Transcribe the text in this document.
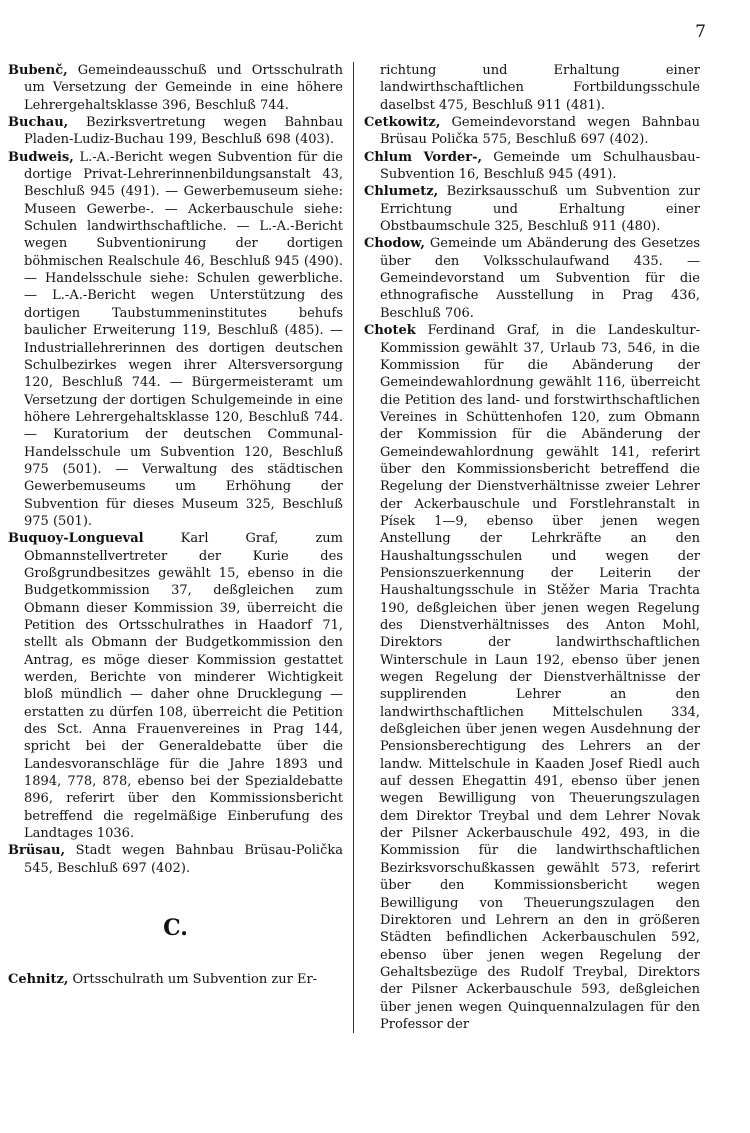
7

Bubenč, Gemeindeausschuß und Ortsschulrath um Versetzung der Gemeinde in eine höhere Lehrergehaltsklasse 396, Beschluß 744.

Buchau, Bezirksvertretung wegen Bahnbau Pladen-Ludiz-Buchau 199, Beschluß 698 (403).

Budweis, L.-A.-Bericht wegen Subvention für die dortige Privat-Lehrerinnenbildungsanstalt 43, Beschluß 945 (491). — Gewerbemuseum siehe: Museen Gewerbe-. — Ackerbauschule siehe: Schulen landwirthschaftliche. — L.-A.-Bericht wegen Subventionirung der dortigen böhmischen Realschule 46, Beschluß 945 (490). — Handelsschule siehe: Schulen gewerbliche. — L.-A.-Bericht wegen Unterstützung des dortigen Taubstummeninstitutes behufs baulicher Erweiterung 119, Beschluß (485). — Industriallehrerinnen des dortigen deutschen Schulbezirkes wegen ihrer Altersversorgung 120, Beschluß 744. — Bürgermeisteramt um Versetzung der dortigen Schulgemeinde in eine höhere Lehrergehaltsklasse 120, Beschluß 744. — Kuratorium der deutschen Communal-Handelsschule um Subvention 120, Beschluß 975 (501). — Verwaltung des städtischen Gewerbemuseums um Erhöhung der Subvention für dieses Museum 325, Beschluß 975 (501).

Buquoy-Longueval	Karl Graf, zum Obmannstellvertreter der Kurie des Großgrundbesitzes gewählt 15, ebenso in die Budgetkommission 37, deßgleichen zum Obmann dieser Kommission 39, überreicht die Petition des Ortsschulrathes in Haadorf 71, stellt als Obmann der Budgetkommission den Antrag, es möge dieser Kommission gestattet werden, Berichte von minderer Wichtigkeit bloß mündlich — daher ohne Drucklegung — erstatten zu dürfen 108, überreicht die Petition des Sct. Anna Frauenvereines in Prag 144, spricht bei der Generaldebatte über die Landesvoranschläge für die Jahre 1893 und 1894, 778, 878, ebenso bei der Spezialdebatte 896, referirt über den Kommissionsbericht betreffend die regelmäßige Einberufung des Landtages 1036.

Brüsau, Stadt wegen Bahnbau Brüsau-Polička 545, Beschluß 697 (402).

C.

Cehnitz, Ortsschulrath um Subvention zur Er-

richtung und Erhaltung einer landwirthschaftlichen Fortbildungsschule daselbst 475, Beschluß 911 (481).

Cetkowitz, Gemeindevorstand wegen Bahnbau Brüsau Polička 575, Beschluß 697 (402).

Chlum Vorder-, Gemeinde um Schulhausbau-Subvention 16, Beschluß 945 (491).

Chlumetz, Bezirksausschuß um Subvention zur Errichtung und Erhaltung einer Obstbaumschule 325, Beschluß 911 (480).

Chodow, Gemeinde um Abänderung des Gesetzes über den Volksschulaufwand 435. — Gemeindevorstand um Subvention für die ethnografische Ausstellung in Prag 436, Beschluß 706.

Chotek Ferdinand Graf, in die Landeskultur-Kommission gewählt 37, Urlaub 73, 546, in die Kommission für die Abänderung der Gemeindewahlordnung gewählt 116, überreicht die Petition des land- und forstwirthschaftlichen Vereines in Schüttenhofen 120, zum Obmann der Kommission für die Abänderung der Gemeindewahlordnung gewählt 141, referirt über den Kommissionsbericht betreffend die Regelung der Dienstverhältnisse zweier Lehrer der Ackerbauschule und Forstlehranstalt in Písek 1—9, ebenso über jenen wegen Anstellung der Lehrkräfte an den Haushaltungsschulen und wegen der Pensionszuerkennung der Leiterin der Haushaltungsschule in Stěžer Maria Trachta 190, deßgleichen über jenen wegen Regelung des Dienstverhältnisses des Anton Mohl, Direktors der landwirthschaftlichen Winterschule in Laun 192, ebenso über jenen wegen Regelung der Dienstverhältnisse der supplirenden Lehrer an den landwirthschaftlichen Mittelschulen 334, deßgleichen über jenen wegen Ausdehnung der Pensionsberechtigung des Lehrers an der landw. Mittelschule in Kaaden Josef Riedl auch auf dessen Ehegattin 491, ebenso über jenen wegen Bewilligung von Theuerungszulagen dem Direktor Treybal und dem Lehrer Novak der Pilsner Ackerbauschule 492, 493, in die Kommission für die landwirthschaftlichen Bezirksvorschußkassen gewählt 573, referirt über den Kommissionsbericht wegen Bewilligung von Theuerungszulagen den Direktoren und Lehrern an den in größeren Städten befindlichen Ackerbauschulen 592, ebenso über jenen wegen Regelung der Gehaltsbezüge des Rudolf Treybal, Direktors der Pilsner Ackerbauschule 593, deßgleichen über jenen wegen Quinquennalzulagen für den Professor der
